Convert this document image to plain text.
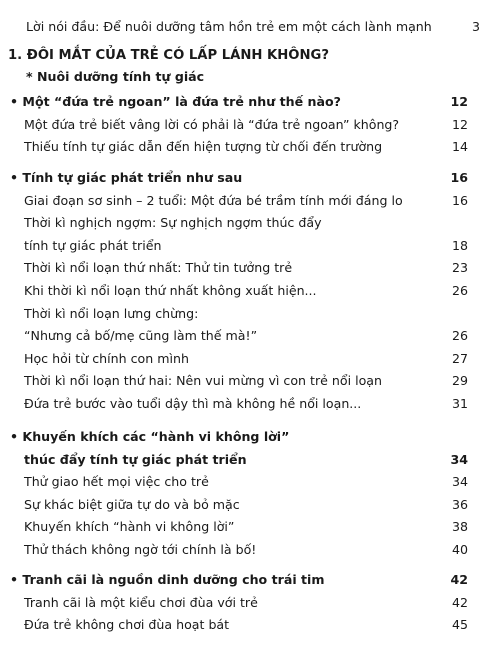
Lời nói đầu: Để nuôi dưỡng tâm hồn trẻ em một cách lành mạnh	3
1. ĐÔI MẮT CỦA TRẺ CÓ LẤP LÁNH KHÔNG?
* Nuôi dưỡng tính tự giác
• Một “đứa trẻ ngoan” là đứa trẻ như thế nào?	12
Một đứa trẻ biết vâng lời có phải là “đứa trẻ ngoan” không?	12
Thiếu tính tự giác dẫn đến hiện tượng từ chối đến trường	14
• Tính tự giác phát triển như sau	16
Giai đoạn sơ sinh – 2 tuổi: Một đứa bé trầm tính mới đáng lo	16
Thời kì nghịch ngợm: Sự nghịch ngợm thúc đẩy
tính tự giác phát triển	18
Thời kì nổi loạn thứ nhất: Thử tin tưởng trẻ	23
Khi thời kì nổi loạn thứ nhất không xuất hiện...	26
Thời kì nổi loạn lưng chừng:
“Nhưng cả bố/mẹ cũng làm thế mà!”	26
Học hỏi từ chính con mình	27
Thời kì nổi loạn thứ hai: Nên vui mừng vì con trẻ nổi loạn	29
Đứa trẻ bước vào tuổi dậy thì mà không hề nổi loạn...	31
• Khuyến khích các “hành vi không lời”
thúc đẩy tính tự giác phát triển	34
Thử giao hết mọi việc cho trẻ	34
Sự khác biệt giữa tự do và bỏ mặc	36
Khuyến khích “hành vi không lời”	38
Thử thách không ngờ tới chính là bố!	40
• Tranh cãi là nguồn dinh dưỡng cho trái tim	42
Tranh cãi là một kiểu chơi đùa với trẻ	42
Đứa trẻ không chơi đùa hoạt bát	45
